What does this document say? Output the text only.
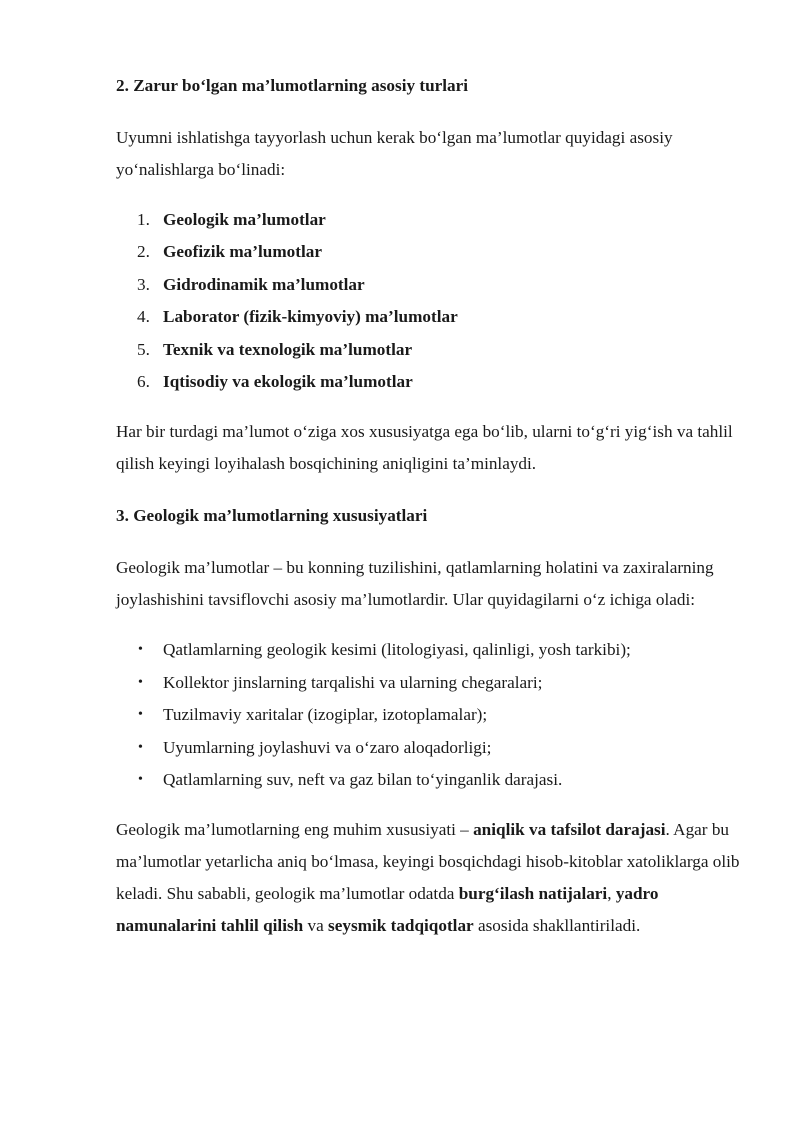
2. Zarur bo‘lgan ma’lumotlarning asosiy turlari

Uyumni ishlatishga tayyorlash uchun kerak bo‘lgan ma’lumotlar quyidagi asosiy yo‘nalishlarga bo‘linadi:

1. Geologik ma’lumotlar
2. Geofizik ma’lumotlar
3. Gidrodinamik ma’lumotlar
4. Laborator (fizik-kimyoviy) ma’lumotlar
5. Texnik va texnologik ma’lumotlar
6. Iqtisodiy va ekologik ma’lumotlar

Har bir turdagi ma’lumot o‘ziga xos xususiyatga ega bo‘lib, ularni to‘g‘ri yig‘ish va tahlil qilish keyingi loyihalash bosqichining aniqligini ta’minlaydi.

3. Geologik ma’lumotlarning xususiyatlari

Geologik ma’lumotlar – bu konning tuzilishini, qatlamlarning holatini va zaxiralarning joylashishini tavsiflovchi asosiy ma’lumotlardir. Ular quyidagilarni o‘z ichiga oladi:

• Qatlamlarning geologik kesimi (litologiyasi, qalinligi, yosh tarkibi);
• Kollektor jinslarning tarqalishi va ularning chegaralari;
• Tuzilmaviy xaritalar (izogiplar, izotoplamalar);
• Uyumlarning joylashuvi va o‘zaro aloqadorligi;
• Qatlamlarning suv, neft va gaz bilan to‘yinganlik darajasi.

Geologik ma’lumotlarning eng muhim xususiyati – aniqlik va tafsilot darajasi. Agar bu ma’lumotlar yetarlicha aniq bo‘lmasa, keyingi bosqichdagi hisob-kitoblar xatoliklarga olib keladi. Shu sababli, geologik ma’lumotlar odatda burg‘ilash natijalari, yadro namunalarini tahlil qilish va seysmik tadqiqotlar asosida shakllantiriladi.
